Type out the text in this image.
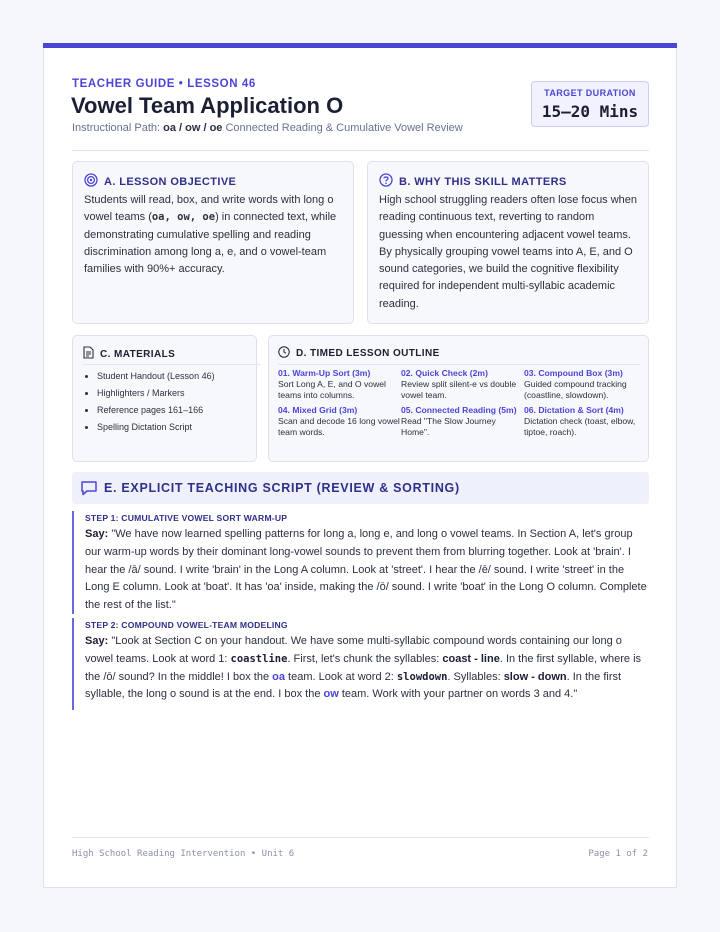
TEACHER GUIDE • LESSON 46
Vowel Team Application O
Instructional Path: oa / ow / oe Connected Reading & Cumulative Vowel Review
TARGET DURATION
15–20 Mins
A. LESSON OBJECTIVE
Students will read, box, and write words with long o vowel teams (oa, ow, oe) in connected text, while demonstrating cumulative spelling and reading discrimination among long a, e, and o vowel-team families with 90%+ accuracy.
B. WHY THIS SKILL MATTERS
High school struggling readers often lose focus when reading continuous text, reverting to random guessing when encountering adjacent vowel teams. By physically grouping vowel teams into A, E, and O sound categories, we build the cognitive flexibility required for independent multi-syllabic academic reading.
C. MATERIALS
• Student Handout (Lesson 46)
• Highlighters / Markers
• Reference pages 161–166
• Spelling Dictation Script
D. TIMED LESSON OUTLINE
01. Warm-Up Sort (3m)
Sort Long A, E, and O vowel teams into columns.
02. Quick Check (2m)
Review split silent-e vs double vowel team.
03. Compound Box (3m)
Guided compound tracking (coastline, slowdown).
04. Mixed Grid (3m)
Scan and decode 16 long vowel team words.
05. Connected Reading (5m)
Read "The Slow Journey Home".
06. Dictation & Sort (4m)
Dictation check (toast, elbow, tiptoe, roach).
E. EXPLICIT TEACHING SCRIPT (REVIEW & SORTING)
STEP 1: CUMULATIVE VOWEL SORT WARM-UP
Say: "We have now learned spelling patterns for long a, long e, and long o vowel teams. In Section A, let's group our warm-up words by their dominant long-vowel sounds to prevent them from blurring together. Look at 'brain'. I hear the /ā/ sound. I write 'brain' in the Long A column. Look at 'street'. I hear the /ē/ sound. I write 'street' in the Long E column. Look at 'boat'. It has 'oa' inside, making the /ō/ sound. I write 'boat' in the Long O column. Complete the rest of the list."
STEP 2: COMPOUND VOWEL-TEAM MODELING
Say: "Look at Section C on your handout. We have some multi-syllabic compound words containing our long o vowel teams. Look at word 1: coastline. First, let's chunk the syllables: coast - line. In the first syllable, where is the /ō/ sound? In the middle! I box the oa team. Look at word 2: slowdown. Syllables: slow - down. In the first syllable, the long o sound is at the end. I box the ow team. Work with your partner on words 3 and 4."
High School Reading Intervention • Unit 6	Page 1 of 2
